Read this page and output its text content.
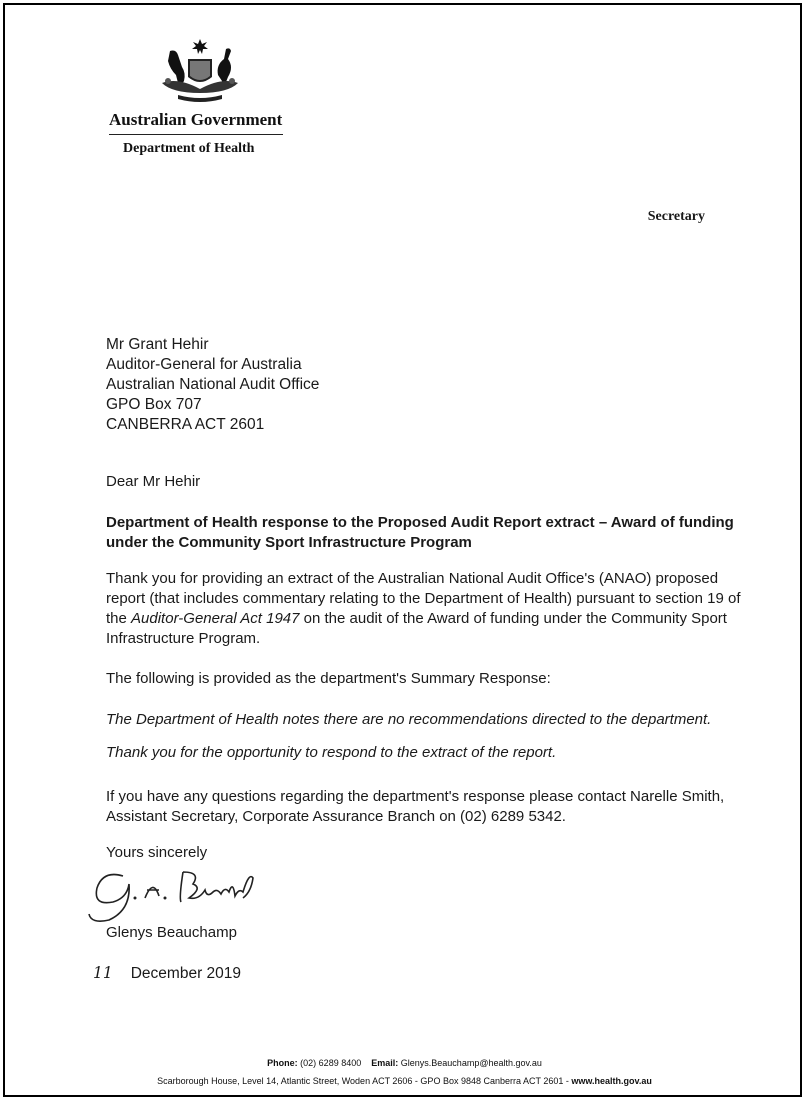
Australian Government
Department of Health
Secretary
Mr Grant Hehir
Auditor-General for Australia
Australian National Audit Office
GPO Box 707
CANBERRA ACT 2601
Dear Mr Hehir
Department of Health response to the Proposed Audit Report extract – Award of funding under the Community Sport Infrastructure Program
Thank you for providing an extract of the Australian National Audit Office's (ANAO) proposed report (that includes commentary relating to the Department of Health) pursuant to section 19 of the Auditor-General Act 1947 on the audit of the Award of funding under the Community Sport Infrastructure Program.
The following is provided as the department's Summary Response:
The Department of Health notes there are no recommendations directed to the department.
Thank you for the opportunity to respond to the extract of the report.
If you have any questions regarding the department's response please contact Narelle Smith, Assistant Secretary, Corporate Assurance Branch on (02) 6289 5342.
Yours sincerely
Glenys Beauchamp
11 December 2019
Phone: (02) 6289 8400 Email: Glenys.Beauchamp@health.gov.au
Scarborough House, Level 14, Atlantic Street, Woden ACT 2606 - GPO Box 9848 Canberra ACT 2601 - www.health.gov.au
